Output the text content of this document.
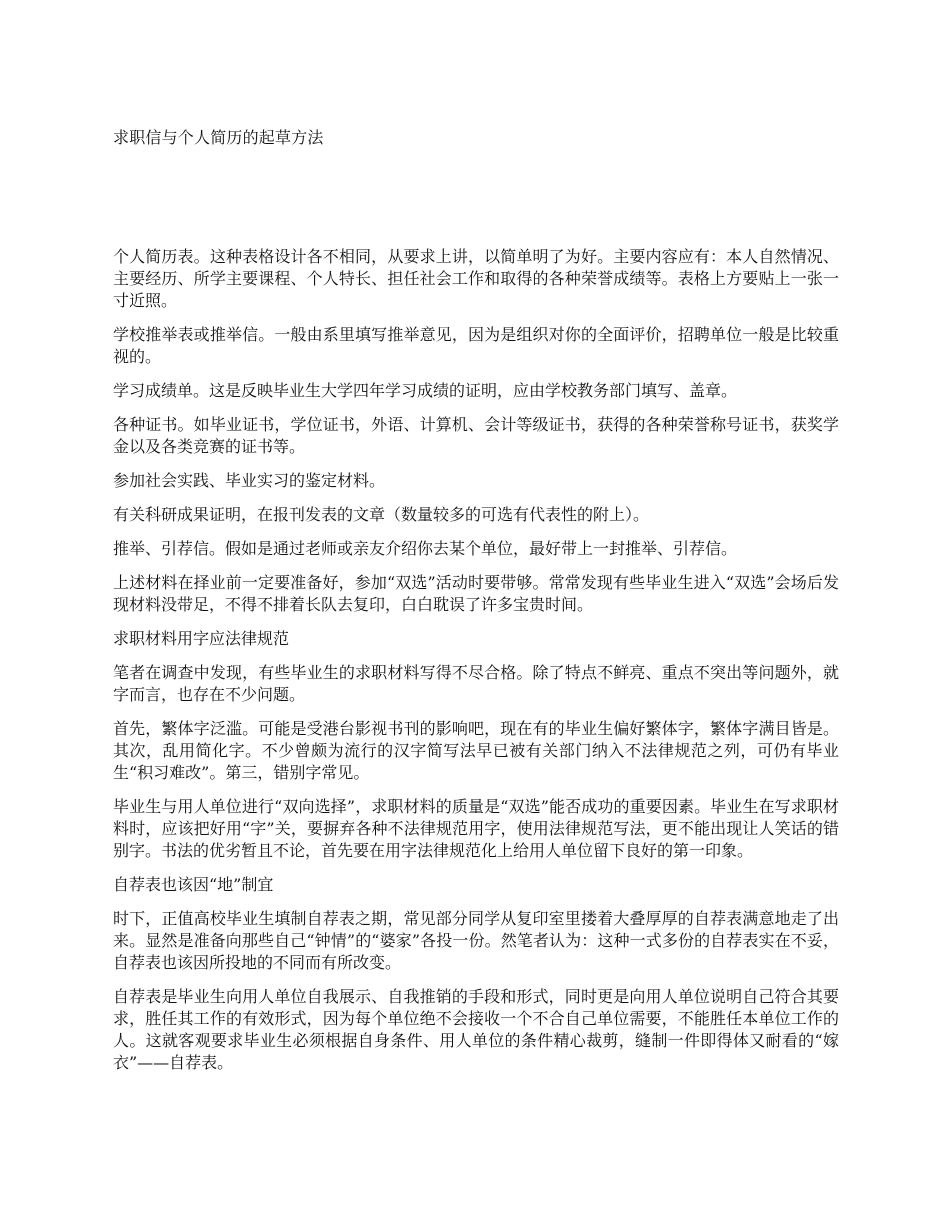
求职信与个人简历的起草方法

个人简历表。这种表格设计各不相同，从要求上讲，以简单明了为好。主要内容应有：本人自然情况、主要经历、所学主要课程、个人特长、担任社会工作和取得的各种荣誉成绩等。表格上方要贴上一张一寸近照。

学校推举表或推举信。一般由系里填写推举意见，因为是组织对你的全面评价，招聘单位一般是比较重视的。

学习成绩单。这是反映毕业生大学四年学习成绩的证明，应由学校教务部门填写、盖章。

各种证书。如毕业证书，学位证书，外语、计算机、会计等级证书，获得的各种荣誉称号证书，获奖学金以及各类竞赛的证书等。

参加社会实践、毕业实习的鉴定材料。

有关科研成果证明，在报刊发表的文章（数量较多的可选有代表性的附上）。

推举、引荐信。假如是通过老师或亲友介绍你去某个单位，最好带上一封推举、引荐信。

上述材料在择业前一定要准备好，参加“双选”活动时要带够。常常发现有些毕业生进入“双选”会场后发现材料没带足，不得不排着长队去复印，白白耽误了许多宝贵时间。

求职材料用字应法律规范

笔者在调查中发现，有些毕业生的求职材料写得不尽合格。除了特点不鲜亮、重点不突出等问题外，就字而言，也存在不少问题。

首先，繁体字泛滥。可能是受港台影视书刊的影响吧，现在有的毕业生偏好繁体字，繁体字满目皆是。其次，乱用简化字。不少曾颇为流行的汉字简写法早已被有关部门纳入不法律规范之列，可仍有毕业生“积习难改”。第三，错别字常见。

毕业生与用人单位进行“双向选择”，求职材料的质量是“双选”能否成功的重要因素。毕业生在写求职材料时，应该把好用“字”关，要摒弃各种不法律规范用字，使用法律规范写法，更不能出现让人笑话的错别字。书法的优劣暂且不论，首先要在用字法律规范化上给用人单位留下良好的第一印象。

自荐表也该因“地”制宜

时下，正值高校毕业生填制自荐表之期，常见部分同学从复印室里搂着大叠厚厚的自荐表满意地走了出来。显然是准备向那些自己“钟情”的“婆家”各投一份。然笔者认为：这种一式多份的自荐表实在不妥，自荐表也该因所投地的不同而有所改变。

自荐表是毕业生向用人单位自我展示、自我推销的手段和形式，同时更是向用人单位说明自己符合其要求，胜任其工作的有效形式，因为每个单位绝不会接收一个不合自己单位需要，不能胜任本单位工作的人。这就客观要求毕业生必须根据自身条件、用人单位的条件精心裁剪，缝制一件即得体又耐看的“嫁衣”——自荐表。
